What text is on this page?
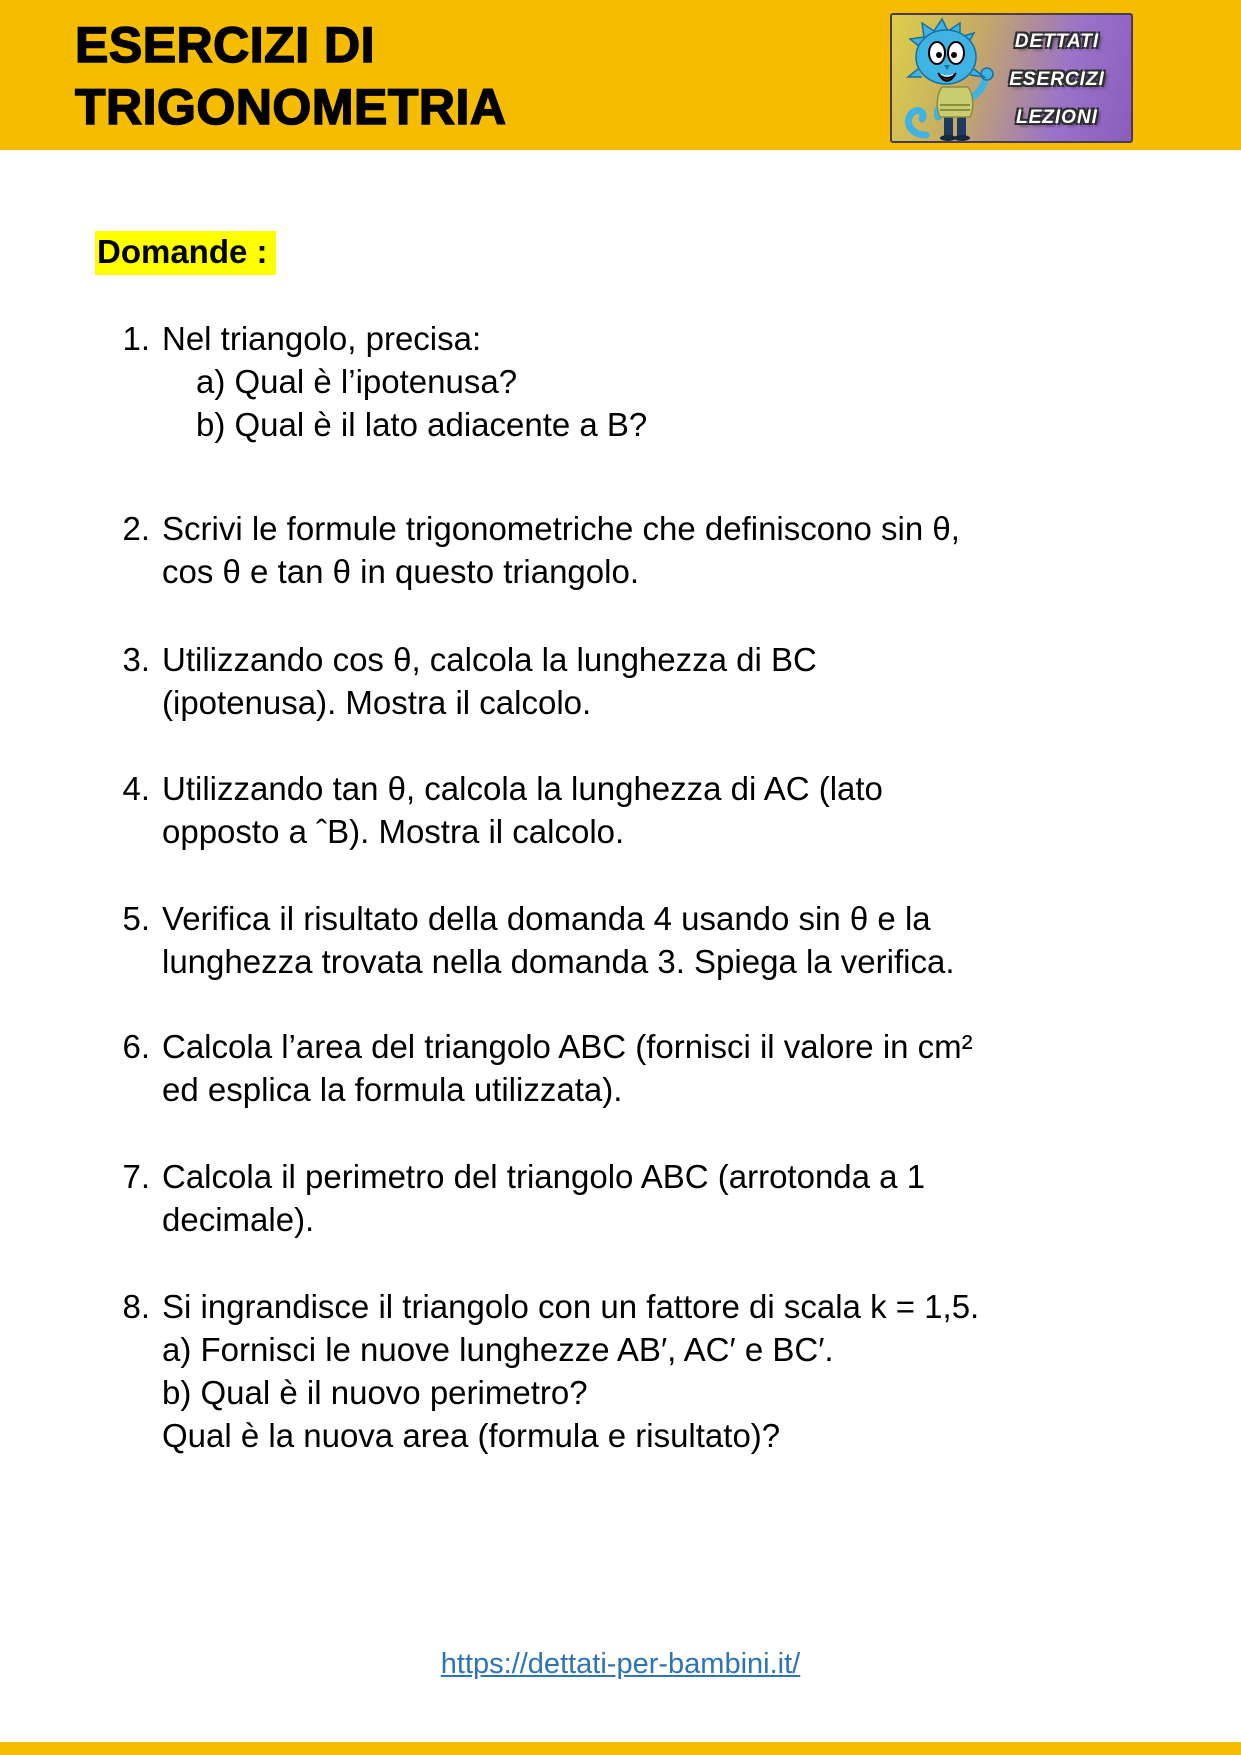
ESERCIZI DI
TRIGONOMETRIA
DETTATI
ESERCIZI
LEZIONI
Domande :
1. Nel triangolo, precisa:
a) Qual è l’ipotenusa?
b) Qual è il lato adiacente a B?
2. Scrivi le formule trigonometriche che definiscono sin θ,
cos θ e tan θ in questo triangolo.
3. Utilizzando cos θ, calcola la lunghezza di BC
(ipotenusa). Mostra il calcolo.
4. Utilizzando tan θ, calcola la lunghezza di AC (lato
opposto a ˆB). Mostra il calcolo.
5. Verifica il risultato della domanda 4 usando sin θ e la
lunghezza trovata nella domanda 3. Spiega la verifica.
6. Calcola l’area del triangolo ABC (fornisci il valore in cm²
ed esplica la formula utilizzata).
7. Calcola il perimetro del triangolo ABC (arrotonda a 1
decimale).
8. Si ingrandisce il triangolo con un fattore di scala k = 1,5.
a) Fornisci le nuove lunghezze AB′, AC′ e BC′.
b) Qual è il nuovo perimetro?
Qual è la nuova area (formula e risultato)?
https://dettati-per-bambini.it/
